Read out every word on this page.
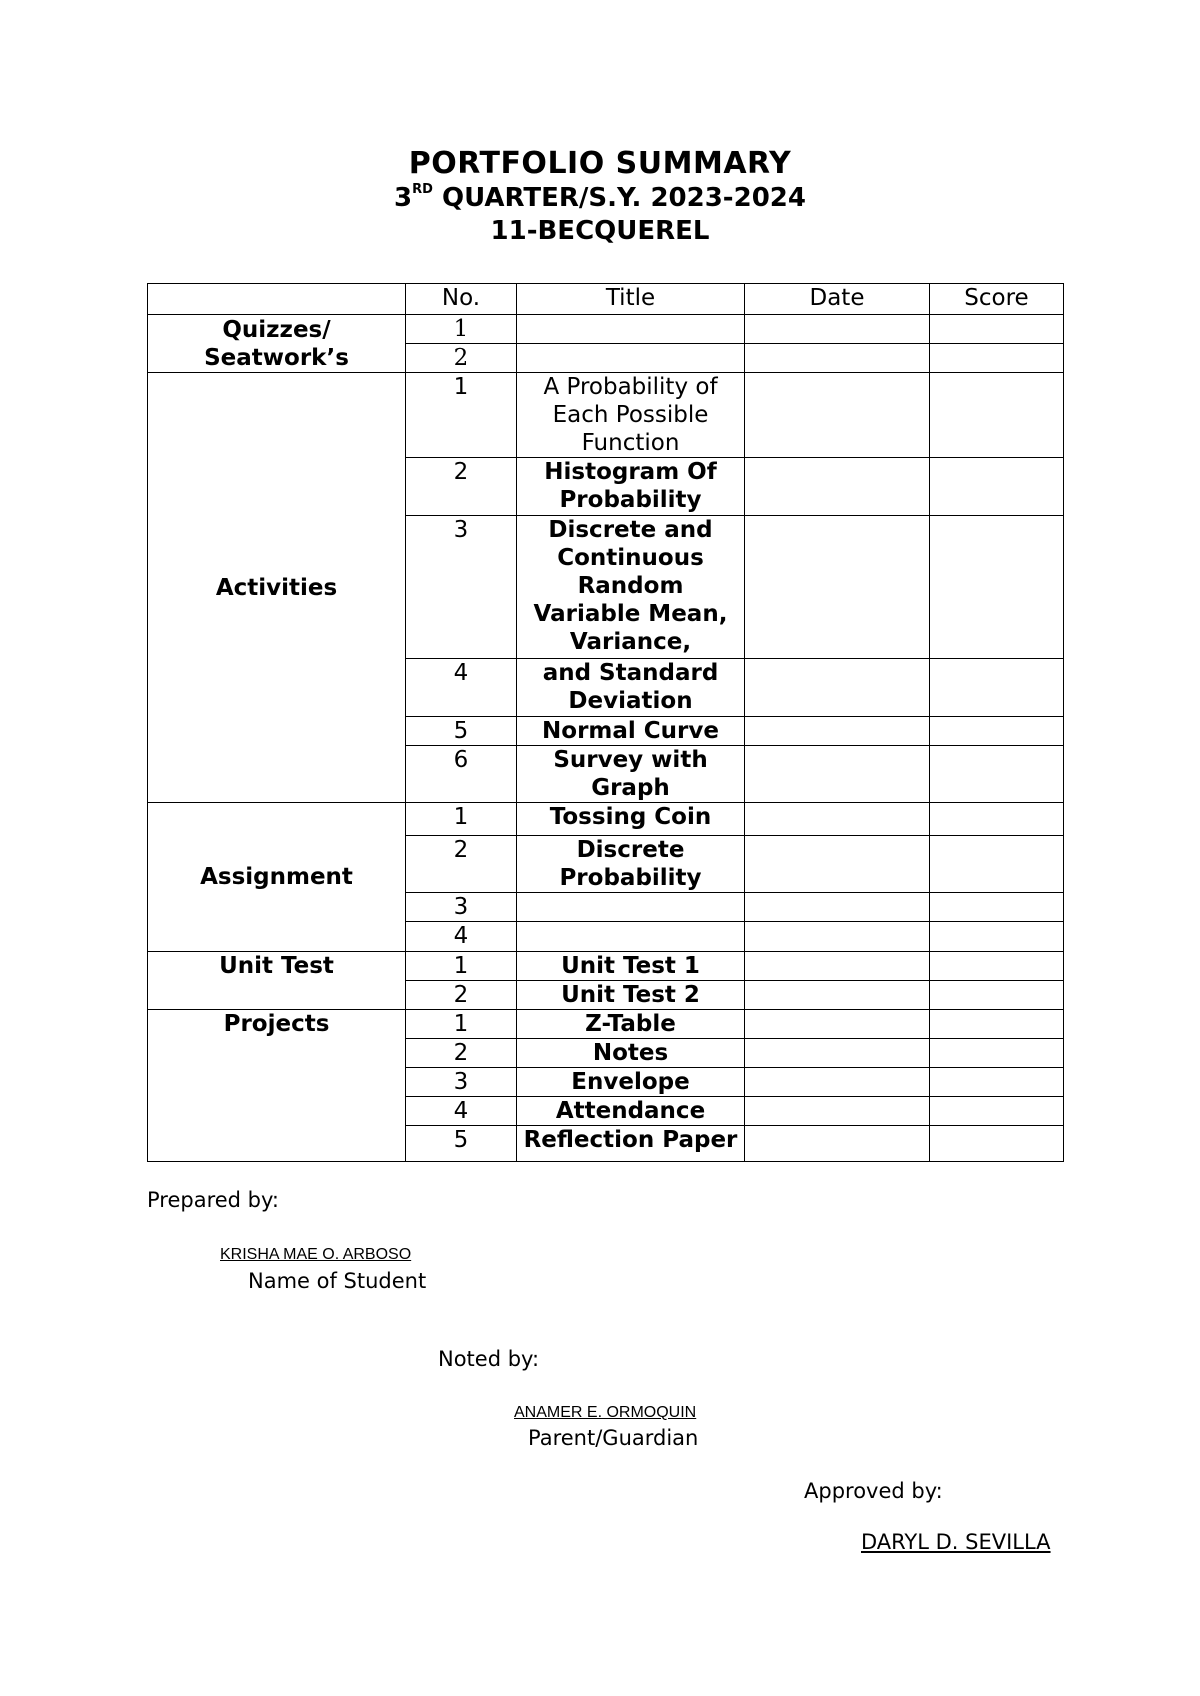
PORTFOLIO SUMMARY
3RD QUARTER/S.Y. 2023-2024
11-BECQUEREL
	No.	Title	Date	Score

Quizzes/
Seatwork’s	1			
	2			
Activities	1	A Probability of Each Possible Function		
	2	Histogram Of Probability		
	3	Discrete and Continuous Random Variable Mean, Variance,		
	4	and Standard Deviation		
	5	Normal Curve		
	6	Survey with Graph		
Assignment	1	Tossing Coin		
	2	Discrete Probability		
	3			
	4			
Unit Test	1	Unit Test 1		
	2	Unit Test 2		
Projects	1	Z-Table		
	2	Notes		
	3	Envelope		
	4	Attendance		
	5	Reflection Paper		
Prepared by:
KRISHA MAE O. ARBOSO
Name of Student
Noted by:
ANAMER E. ORMOQUIN
Parent/Guardian
Approved by:
DARYL D. SEVILLA
